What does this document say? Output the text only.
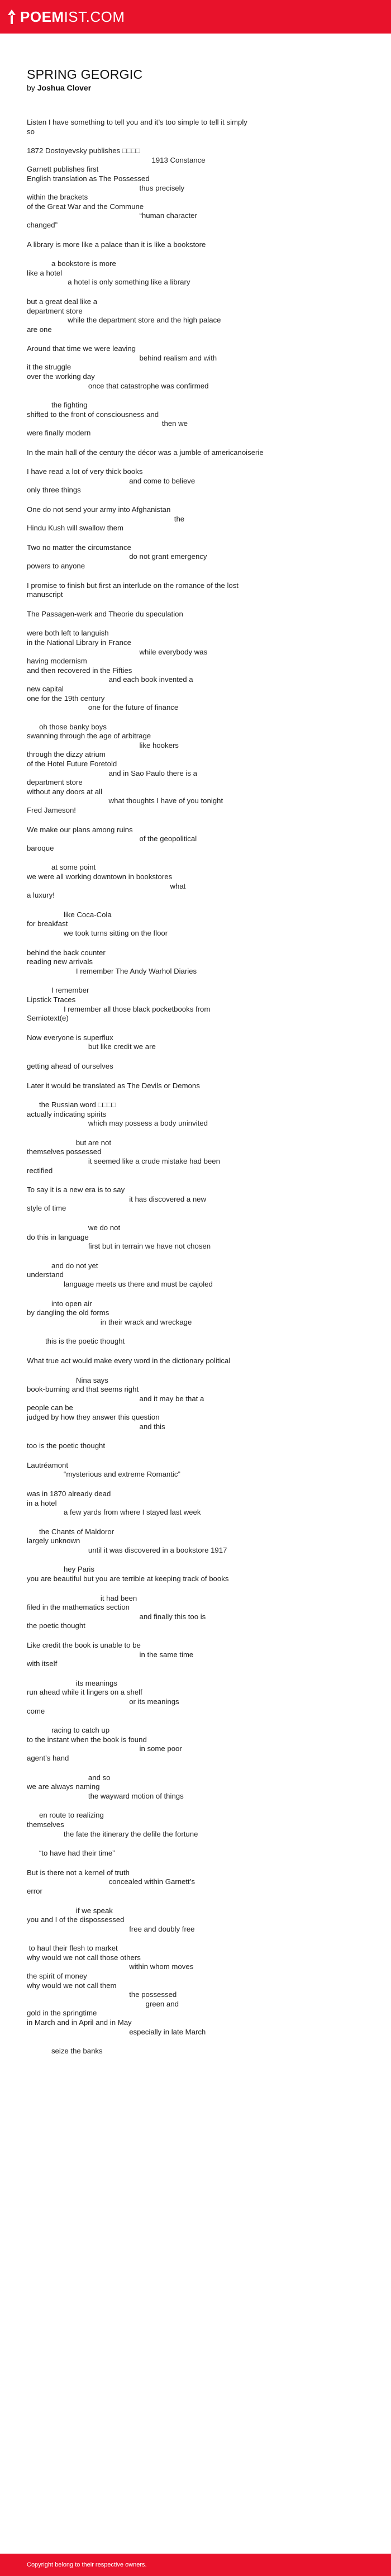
POEM IST.COM
SPRING GEORGIC
by Joshua Clover
Listen I have something to tell you and it’s too simple to tell it simply
so
1872 Dostoyevsky publishes □□□□
1913 Constance
Garnett publishes first
English translation as The Possessed
thus precisely
within the brackets
of the Great War and the Commune
“human character
changed”
A library is more like a palace than it is like a bookstore
a bookstore is more
like a hotel
a hotel is only something like a library
but a great deal like a
department store
while the department store and the high palace
are one
Around that time we were leaving
behind realism and with
it the struggle
over the working day
once that catastrophe was confirmed
the fighting
shifted to the front of consciousness and
then we
were finally modern
In the main hall of the century the décor was a jumble of americanoiserie
I have read a lot of very thick books
and come to believe
only three things
One do not send your army into Afghanistan
the
Hindu Kush will swallow them
Two no matter the circumstance
do not grant emergency
powers to anyone
I promise to finish but first an interlude on the romance of the lost
manuscript
The Passagen-werk and Theorie du speculation
were both left to languish
in the National Library in France
while everybody was
having modernism
and then recovered in the Fifties
and each book invented a
new capital
one for the 19th century
one for the future of finance
oh those banky boys
swanning through the age of arbitrage
like hookers
through the dizzy atrium
of the Hotel Future Foretold
and in Sao Paulo there is a
department store
without any doors at all
what thoughts I have of you tonight
Fred Jameson!
We make our plans among ruins
of the geopolitical
baroque
at some point
we were all working downtown in bookstores
what
a luxury!
like Coca-Cola
for breakfast
we took turns sitting on the floor
behind the back counter
reading new arrivals
I remember The Andy Warhol Diaries
I remember
Lipstick Traces
I remember all those black pocketbooks from
Semiotext(e)
Now everyone is superflux
but like credit we are
getting ahead of ourselves
Later it would be translated as The Devils or Demons
the Russian word □□□□
actually indicating spirits
which may possess a body uninvited
but are not
themselves possessed
it seemed like a crude mistake had been
rectified
To say it is a new era is to say
it has discovered a new
style of time
we do not
do this in language
first but in terrain we have not chosen
and do not yet
understand
language meets us there and must be cajoled
into open air
by dangling the old forms
in their wrack and wreckage
this is the poetic thought
What true act would make every word in the dictionary political
Nina says
book-burning and that seems right
and it may be that a
people can be
judged by how they answer this question
and this
too is the poetic thought
Lautréamont
“mysterious and extreme Romantic”
was in 1870 already dead
in a hotel
a few yards from where I stayed last week
the Chants of Maldoror
largely unknown
until it was discovered in a bookstore 1917
hey Paris
you are beautiful but you are terrible at keeping track of books
it had been
filed in the mathematics section
and finally this too is
the poetic thought
Like credit the book is unable to be
in the same time
with itself
its meanings
run ahead while it lingers on a shelf
or its meanings
come
racing to catch up
to the instant when the book is found
in some poor
agent’s hand
and so
we are always naming
the wayward motion of things
en route to realizing
themselves
the fate the itinerary the defile the fortune
“to have had their time”
But is there not a kernel of truth
concealed within Garnett’s
error
if we speak
you and I of the dispossessed
free and doubly free
to haul their flesh to market
why would we not call those others
within whom moves
the spirit of money
why would we not call them
the possessed
green and
gold in the springtime
in March and in April and in May
especially in late March
seize the banks
Copyright belong to their respective owners.
